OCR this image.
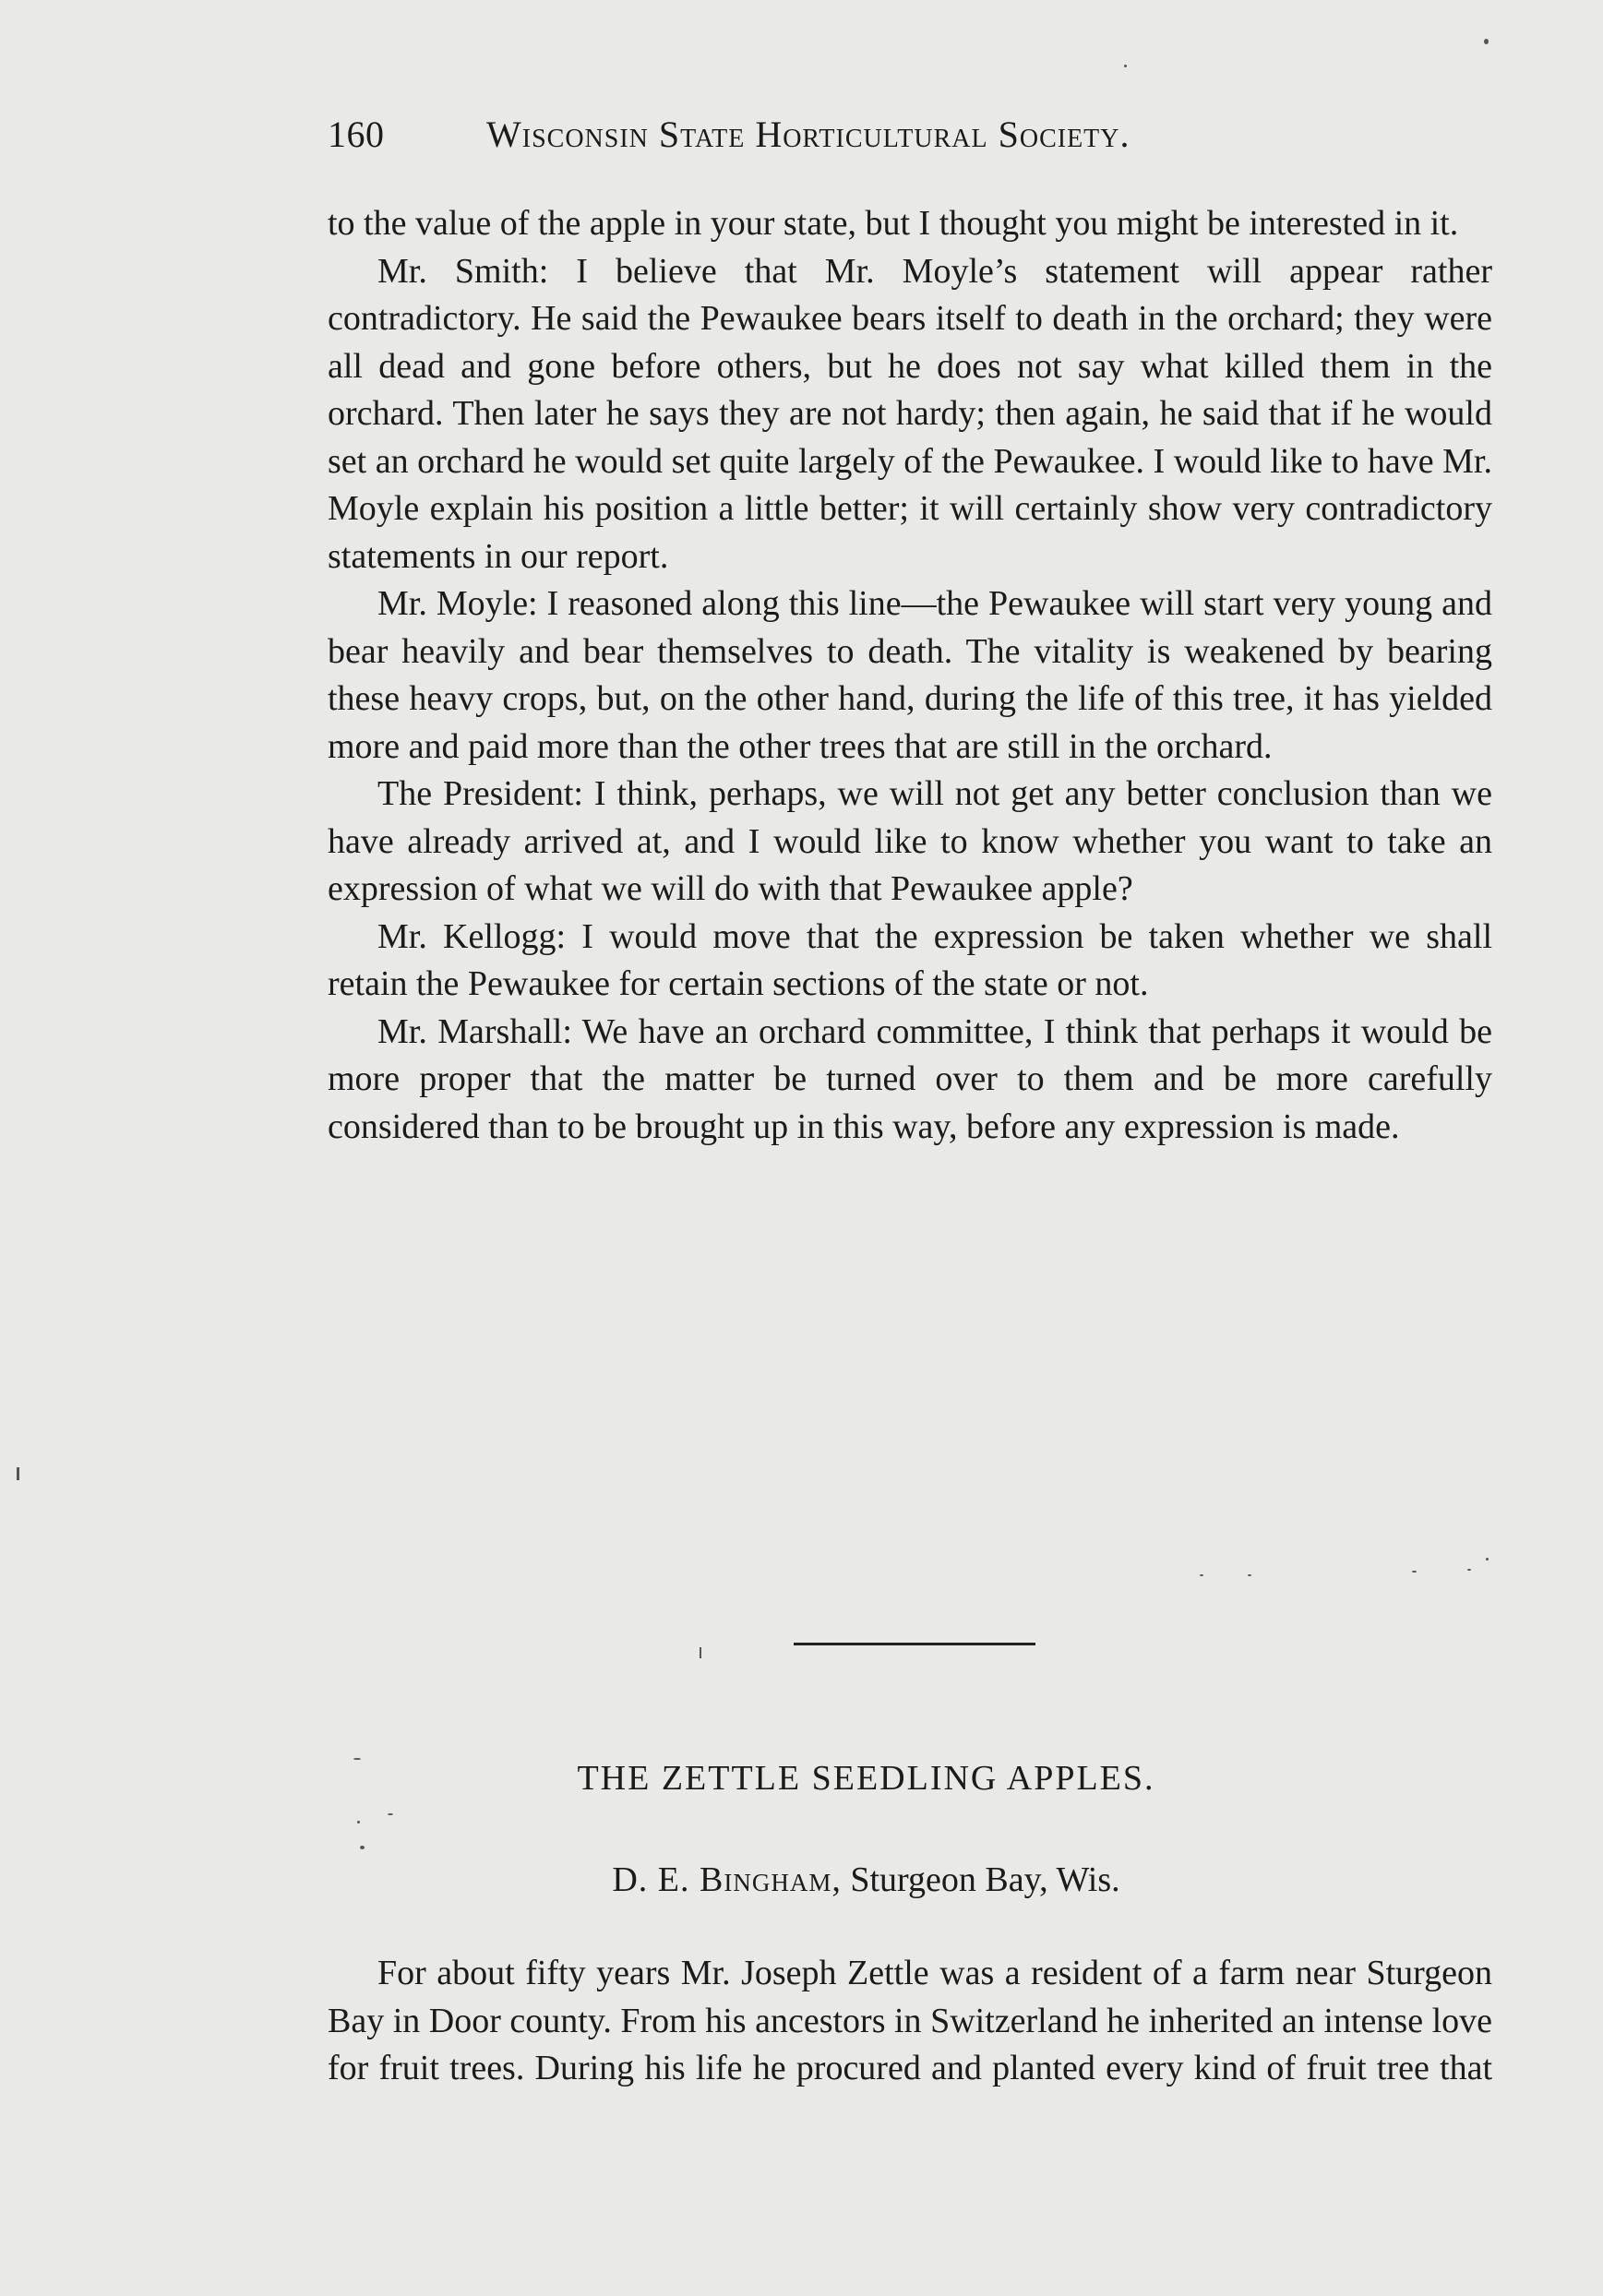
160	Wisconsin State Horticultural Society.

to the value of the apple in your state, but I thought you might be interested in it.

Mr. Smith: I believe that Mr. Moyle’s statement will appear rather contradictory. He said the Pewaukee bears itself to death in the orchard; they were all dead and gone before others, but he does not say what killed them in the orchard. Then later he says they are not hardy; then again, he said that if he would set an orchard he would set quite largely of the Pewaukee. I would like to have Mr. Moyle explain his position a little better; it will certainly show very contradictory statements in our report.

Mr. Moyle: I reasoned along this line—the Pewaukee will start very young and bear heavily and bear themselves to death. The vitality is weakened by bearing these heavy crops, but, on the other hand, during the life of this tree, it has yielded more and paid more than the other trees that are still in the orchard.

The President: I think, perhaps, we will not get any better conclusion than we have already arrived at, and I would like to know whether you want to take an expression of what we will do with that Pewaukee apple?

Mr. Kellogg: I would move that the expression be taken whether we shall retain the Pewaukee for certain sections of the state or not.

Mr. Marshall: We have an orchard committee, I think that perhaps it would be more proper that the matter be turned over to them and be more carefully considered than to be brought up in this way, before any expression is made.

THE ZETTLE SEEDLING APPLES.
D. E. Bingham, Sturgeon Bay, Wis.

For about fifty years Mr. Joseph Zettle was a resident of a farm near Sturgeon Bay in Door county. From his ancestors in Switzerland he inherited an intense love for fruit trees. During his life he procured and planted every kind of fruit tree that
